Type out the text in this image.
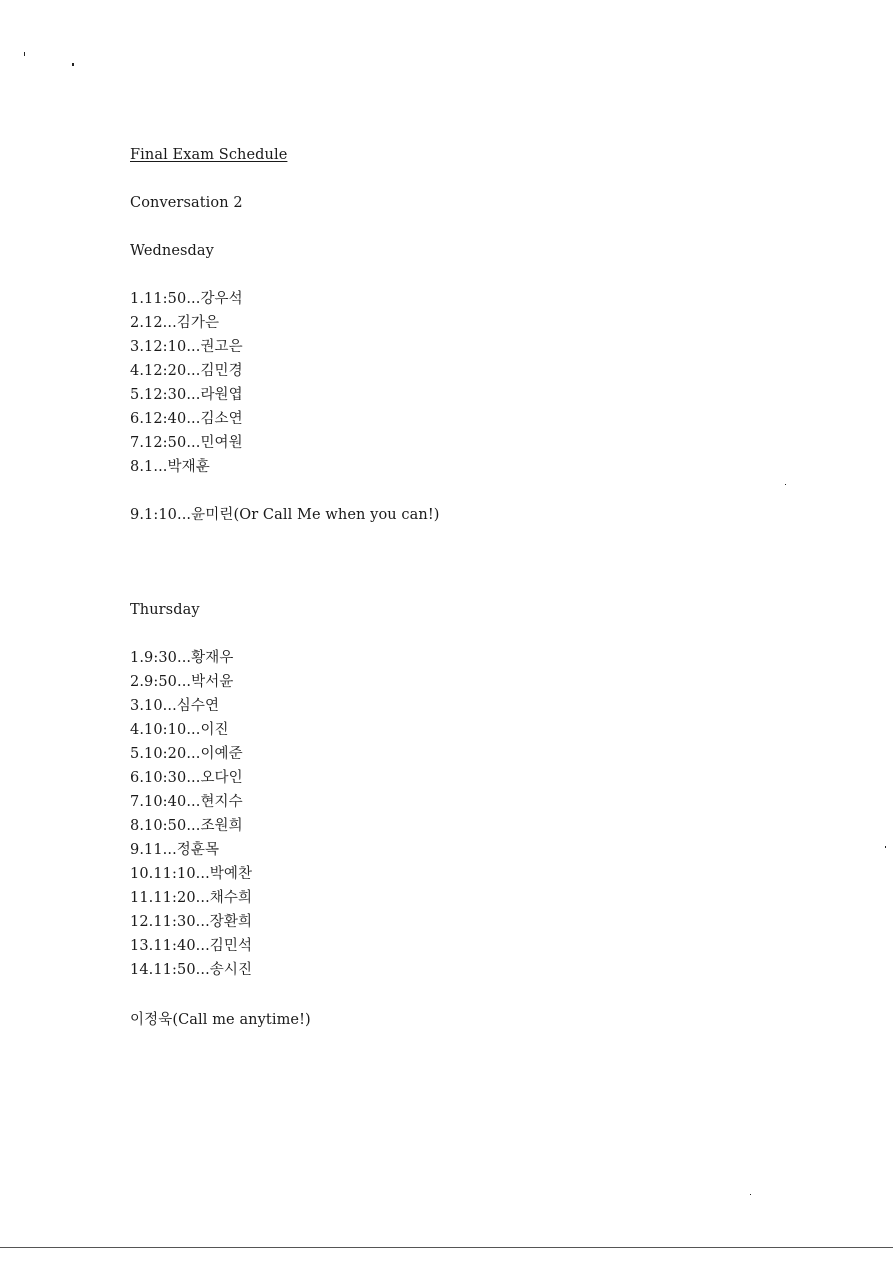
Final Exam Schedule
Conversation 2
Wednesday
1.11:50...강우석
2.12...김가은
3.12:10...권고은
4.12:20...김민경
5.12:30...라원엽
6.12:40...김소연
7.12:50...민여원
8.1...박재훈
9.1:10...윤미린(Or Call Me when you can!)
Thursday
1.9:30...황재우
2.9:50...박서윤
3.10...심수연
4.10:10...이진
5.10:20...이예준
6.10:30...오다인
7.10:40...현지수
8.10:50...조원희
9.11...정훈목
10.11:10...박예찬
11.11:20...채수희
12.11:30...장환희
13.11:40...김민석
14.11:50...송시진
이정욱(Call me anytime!)
